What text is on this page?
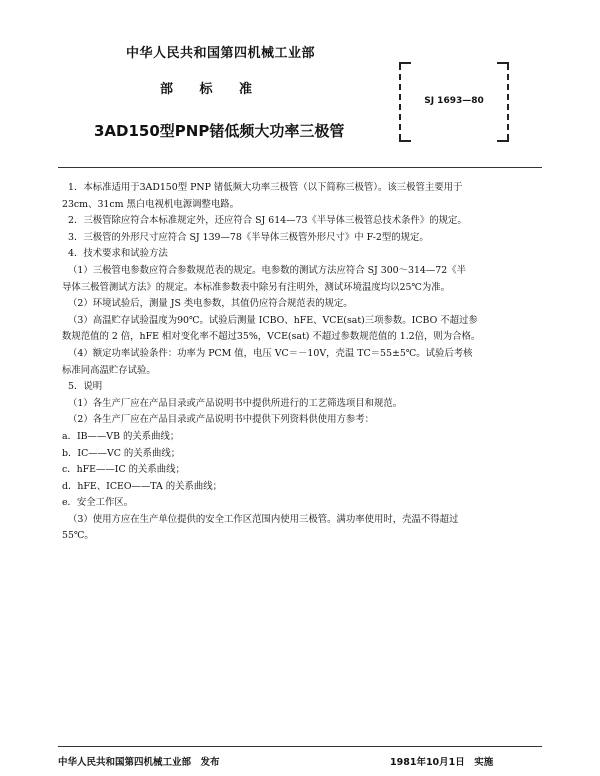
中华人民共和国第四机械工业部
部 标 准
3AD150型PNP锗低频大功率三极管
SJ 1693—80

1．本标准适用于3AD150型 PNP 锗低频大功率三极管（以下简称三极管）。该三极管主要用于

23cm、31cm 黑白电视机电源调整电路。

2．三极管除应符合本标准规定外，还应符合 SJ 614—73《半导体三极管总技术条件》的规定。

3．三极管的外形尺寸应符合 SJ 139—78《半导体三极管外形尺寸》中 F-2型的规定。

4．技术要求和试验方法

（1）三极管电参数应符合参数规范表的规定。电参数的测试方法应符合 SJ 300～314—72《半

导体三极管测试方法》的规定。本标准参数表中除另有注明外，测试环境温度均以25℃为准。

（2）环境试验后，测量 JS 类电参数，其值仍应符合规范表的规定。

（3）高温贮存试验温度为90℃。试验后测量 ICBO、hFE、VCE(sat)三项参数。ICBO 不超过参

数规范值的 2 倍，hFE 相对变化率不超过35%，VCE(sat) 不超过参数规范值的 1.2倍，则为合格。

（4）额定功率试验条件：功率为 PCM 值，电压 VC＝－10V，壳温 TC＝55±5℃。试验后考核

标准同高温贮存试验。

5．说明

（1）各生产厂应在产品目录或产品说明书中提供所进行的工艺筛选项目和规范。

（2）各生产厂应在产品目录或产品说明书中提供下列资料供使用方参考：

a．IB——VB 的关系曲线；

b．IC——VC 的关系曲线；

c．hFE——IC 的关系曲线；

d．hFE、ICEO——TA 的关系曲线；

e．安全工作区。

（3）使用方应在生产单位提供的安全工作区范围内使用三极管。满功率使用时，壳温不得超过

55℃。

中华人民共和国第四机械工业部　发布	1981年10月1日　实施
